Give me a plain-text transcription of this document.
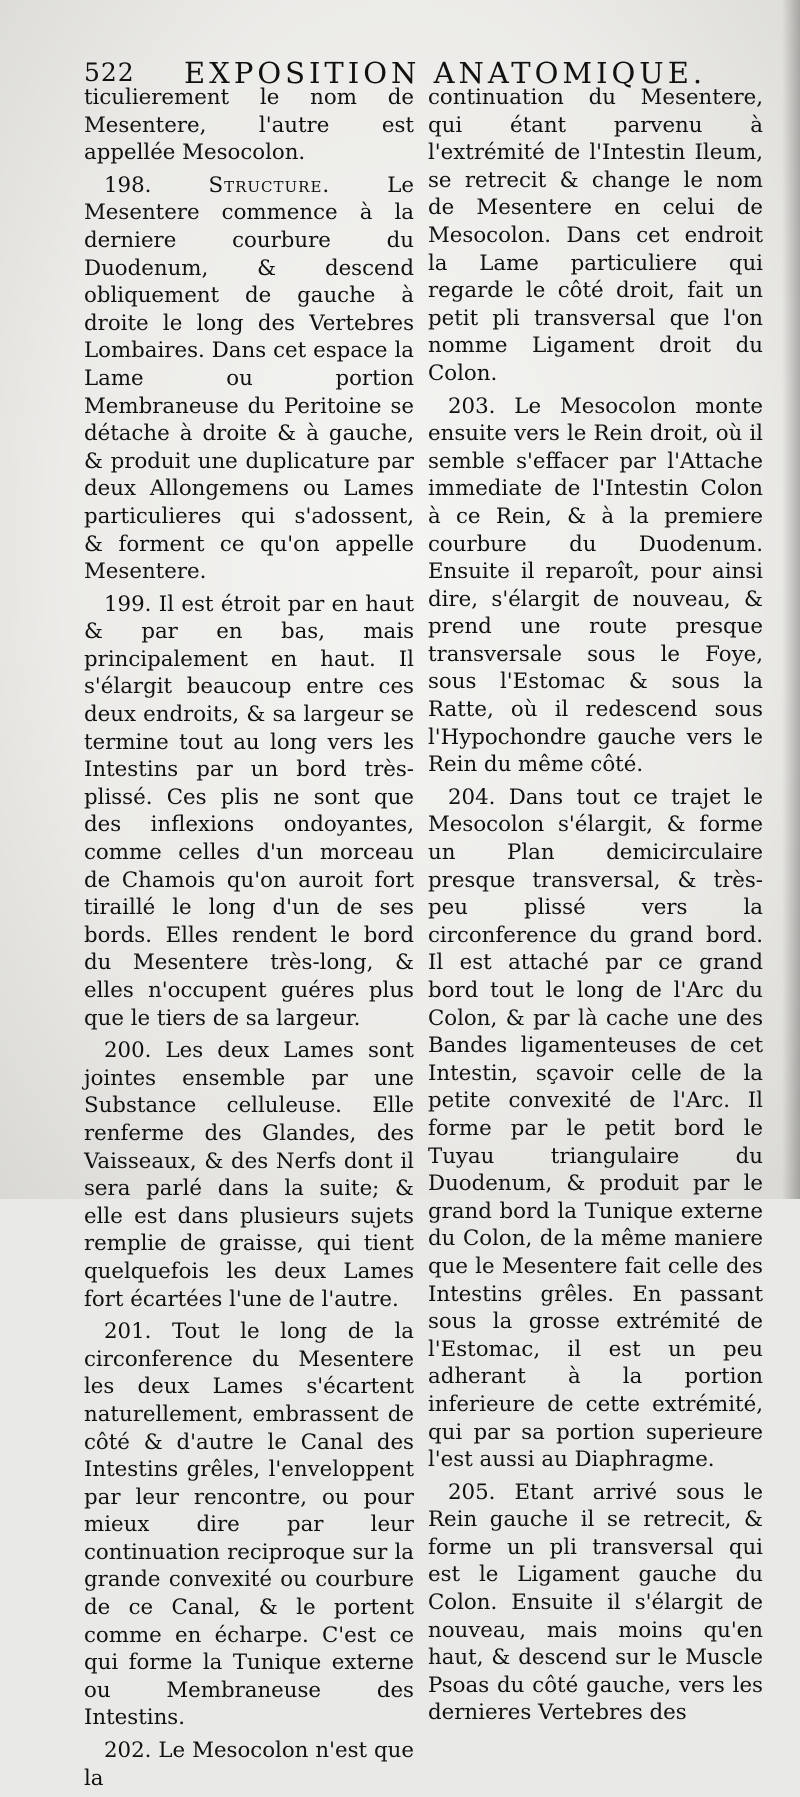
522 EXPOSITION ANATOMIQUE.

ticulierement le nom de Mesentere, l'autre est appellée Mesocolon.

198.	Structure.	Le Mesentere commence à la derniere courbure du Duodenum, & descend obliquement de gauche à droite le long des Vertebres Lombaires. Dans cet espace la Lame ou portion Membraneuse du Peritoine se détache à droite & à gauche, & produit une duplicature par deux Allongemens ou Lames particulieres qui s'adossent, & forment ce qu'on appelle Mesentere.

199. Il est étroit par en haut & par en bas, mais principalement en haut. Il s'élargit beaucoup entre ces deux endroits, & sa largeur se termine tout au long vers les Intestins par un bord très-plissé. Ces plis ne sont que des inflexions ondoyantes, comme celles d'un morceau de Chamois qu'on auroit fort tiraillé le long d'un de ses bords. Elles rendent le bord du Mesentere très-long, & elles n'occupent guéres plus que le tiers de sa largeur.

200. Les deux Lames sont jointes ensemble par une Substance celluleuse. Elle renferme des Glandes, des Vaisseaux, & des Nerfs dont il sera parlé dans la suite; & elle est dans plusieurs sujets remplie de graisse, qui tient quelquefois les deux Lames fort écartées l'une de l'autre.

201. Tout le long de la circonference du Mesentere les deux Lames s'écartent naturellement, embrassent de côté & d'autre le Canal des Intestins grêles, l'enveloppent par leur rencontre, ou pour mieux dire par leur continuation reciproque sur la grande convexité ou courbure de ce Canal, & le portent comme en écharpe. C'est ce qui forme la Tunique externe ou Membraneuse des Intestins.

202. Le Mesocolon n'est que la

continuation du Mesentere, qui étant parvenu à l'extrémité de l'Intestin Ileum, se retrecit & change le nom de Mesentere en celui de Mesocolon. Dans cet endroit la Lame particuliere qui regarde le côté droit, fait un petit pli transversal que l'on nomme Ligament droit du Colon.

203. Le Mesocolon monte ensuite vers le Rein droit, où il semble s'effacer par l'Attache immediate de l'Intestin Colon à ce Rein, & à la premiere courbure du Duodenum. Ensuite il reparoît, pour ainsi dire, s'élargit de nouveau, & prend une route presque transversale sous le Foye, sous l'Estomac & sous la Ratte, où il redescend sous l'Hypochondre gauche vers le Rein du même côté.

204. Dans tout ce trajet le Mesocolon s'élargit, & forme un Plan demicirculaire presque transversal, & très-peu plissé vers la circonference du grand bord. Il est attaché par ce grand bord tout le long de l'Arc du Colon, & par là cache une des Bandes ligamenteuses de cet Intestin, sçavoir celle de la petite convexité de l'Arc. Il forme par le petit bord le Tuyau triangulaire du Duodenum, & produit par le grand bord la Tunique externe du Colon, de la même maniere que le Mesentere fait celle des Intestins grêles. En passant sous la grosse extrémité de l'Estomac, il est un peu adherant à la portion inferieure de cette extrémité, qui par sa portion superieure l'est aussi au Diaphragme.

205. Etant arrivé sous le Rein gauche il se retrecit, & forme un pli transversal qui est le Ligament gauche du Colon. Ensuite il s'élargit de nouveau, mais moins qu'en haut, & descend sur le Muscle Psoas du côté gauche, vers les dernieres Vertebres des
